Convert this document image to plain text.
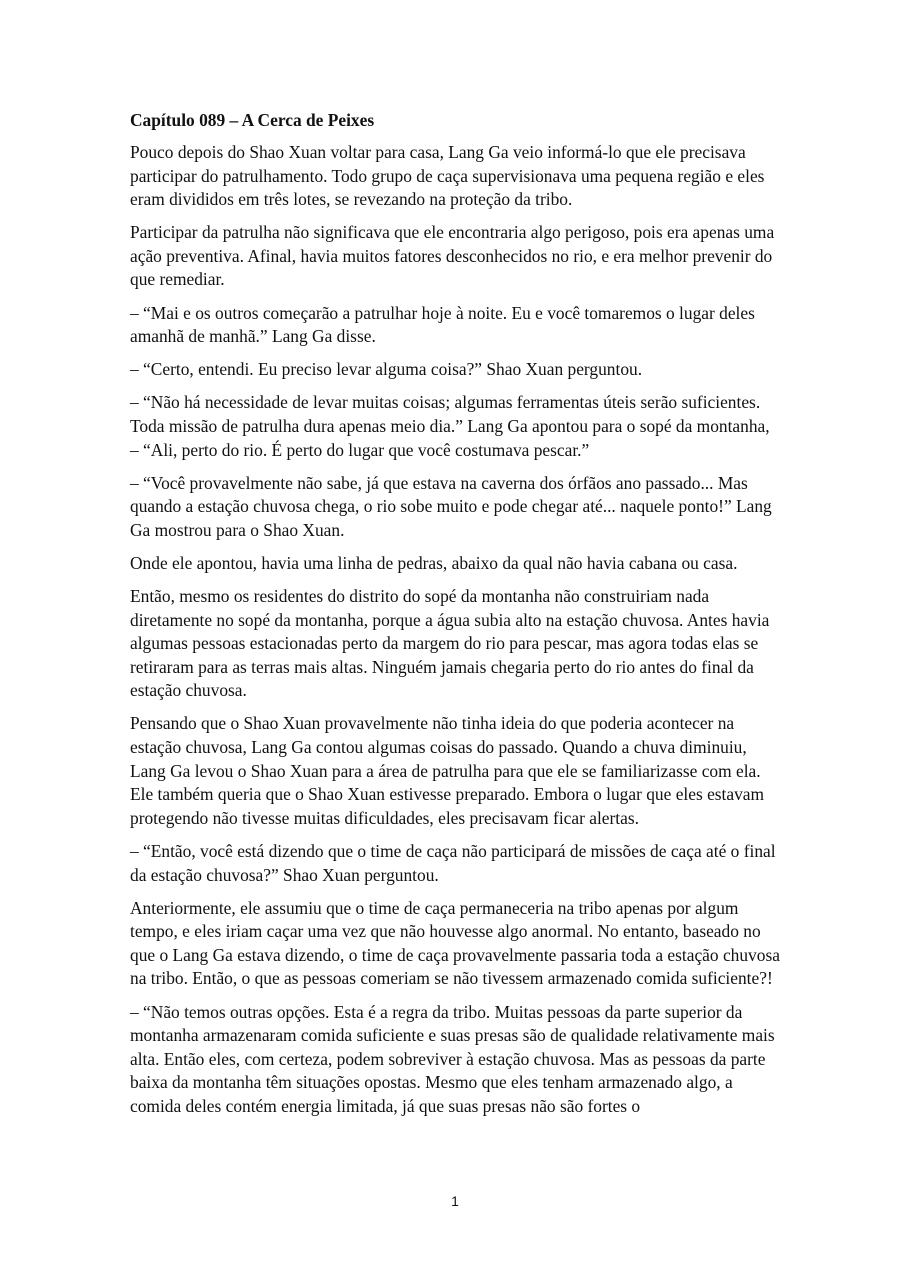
Capítulo 089 – A Cerca de Peixes

Pouco depois do Shao Xuan voltar para casa, Lang Ga veio informá-lo que ele precisava participar do patrulhamento. Todo grupo de caça supervisionava uma pequena região e eles eram divididos em três lotes, se revezando na proteção da tribo.

Participar da patrulha não significava que ele encontraria algo perigoso, pois era apenas uma ação preventiva. Afinal, havia muitos fatores desconhecidos no rio, e era melhor prevenir do que remediar.

– “Mai e os outros começarão a patrulhar hoje à noite. Eu e você tomaremos o lugar deles amanhã de manhã.” Lang Ga disse.

– “Certo, entendi. Eu preciso levar alguma coisa?” Shao Xuan perguntou.

– “Não há necessidade de levar muitas coisas; algumas ferramentas úteis serão suficientes. Toda missão de patrulha dura apenas meio dia.” Lang Ga apontou para o sopé da montanha, – “Ali, perto do rio. É perto do lugar que você costumava pescar.”

– “Você provavelmente não sabe, já que estava na caverna dos órfãos ano passado... Mas quando a estação chuvosa chega, o rio sobe muito e pode chegar até... naquele ponto!” Lang Ga mostrou para o Shao Xuan.

Onde ele apontou, havia uma linha de pedras, abaixo da qual não havia cabana ou casa.

Então, mesmo os residentes do distrito do sopé da montanha não construiriam nada diretamente no sopé da montanha, porque a água subia alto na estação chuvosa. Antes havia algumas pessoas estacionadas perto da margem do rio para pescar, mas agora todas elas se retiraram para as terras mais altas. Ninguém jamais chegaria perto do rio antes do final da estação chuvosa.

Pensando que o Shao Xuan provavelmente não tinha ideia do que poderia acontecer na estação chuvosa, Lang Ga contou algumas coisas do passado. Quando a chuva diminuiu, Lang Ga levou o Shao Xuan para a área de patrulha para que ele se familiarizasse com ela. Ele também queria que o Shao Xuan estivesse preparado. Embora o lugar que eles estavam protegendo não tivesse muitas dificuldades, eles precisavam ficar alertas.

– “Então, você está dizendo que o time de caça não participará de missões de caça até o final da estação chuvosa?” Shao Xuan perguntou.

Anteriormente, ele assumiu que o time de caça permaneceria na tribo apenas por algum tempo, e eles iriam caçar uma vez que não houvesse algo anormal. No entanto, baseado no que o Lang Ga estava dizendo, o time de caça provavelmente passaria toda a estação chuvosa na tribo. Então, o que as pessoas comeriam se não tivessem armazenado comida suficiente?!

– “Não temos outras opções. Esta é a regra da tribo. Muitas pessoas da parte superior da montanha armazenaram comida suficiente e suas presas são de qualidade relativamente mais alta. Então eles, com certeza, podem sobreviver à estação chuvosa. Mas as pessoas da parte baixa da montanha têm situações opostas. Mesmo que eles tenham armazenado algo, a comida deles contém energia limitada, já que suas presas não são fortes o

1
